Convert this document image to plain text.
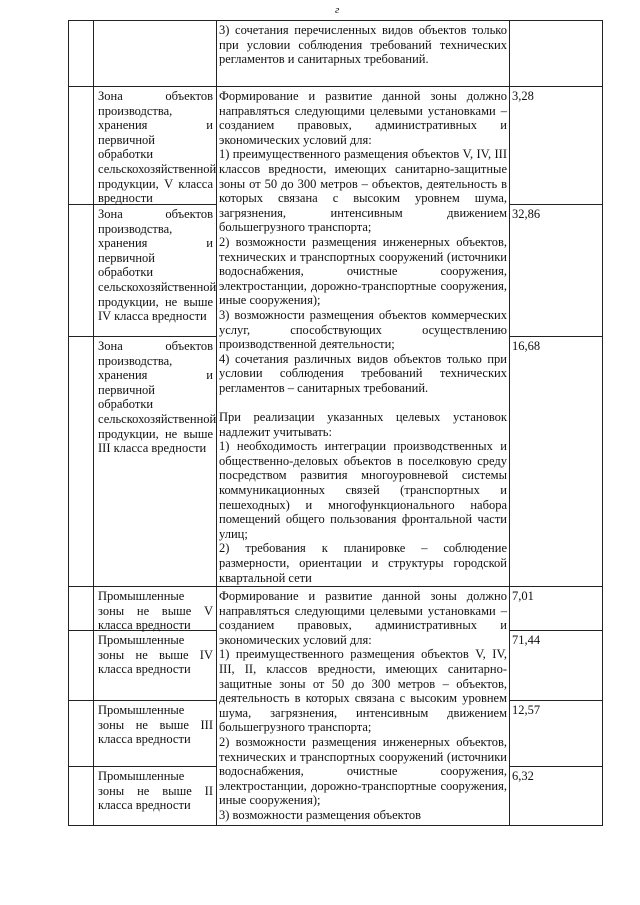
г
Зона объектов производства, хранения и первичной обработки сельскохозяйственной продукции, V класса вредности
Зона объектов производства, хранения и первичной обработки сельскохозяйственной продукции, не выше IV класса вредности
Зона объектов производства, хранения и первичной обработки сельскохозяйственной продукции, не выше III класса вредности
Промышленные зоны не выше V класса вредности
Промышленные зоны не выше IV класса вредности
Промышленные зоны не выше III класса вредности
Промышленные зоны не выше II класса вредности
3,28
32,86
16,68
7,01
71,44
12,57
6,32

3) сочетания перечисленных видов объектов только при условии соблюдения требований технических регламентов и санитарных требований.

Формирование и развитие данной зоны должно направляться следующими целевыми установками – созданием правовых, административных и экономических условий для:

1) преимущественного размещения объектов V, IV, III классов вредности, имеющих санитарно-защитные зоны от 50 до 300 метров – объектов, деятельность в которых связана с высоким уровнем шума, загрязнения, интенсивным движением большегрузного транспорта;

2) возможности размещения инженерных объектов, технических и транспортных сооружений (источники водоснабжения, очистные сооружения, электростанции, дорожно-транспортные сооружения, иные сооружения);

3) возможности размещения объектов коммерческих услуг, способствующих осуществлению производственной деятельности;

4) сочетания различных видов объектов только при условии соблюдения требований технических регламентов – санитарных требований.

При реализации указанных целевых установок надлежит учитывать:

1) необходимость интеграции производственных и общественно-деловых объектов в поселковую среду посредством развития многоуровневой системы коммуникационных связей (транспортных и пешеходных) и многофункционального набора помещений общего пользования фронтальной части улиц;

2) требования к планировке – соблюдение размерности, ориентации и структуры городской квартальной сети

Формирование и развитие данной зоны должно направляться следующими целевыми установками – созданием правовых, административных и экономических условий для:

1) преимущественного размещения объектов V, IV, III, II, классов вредности, имеющих санитарно-защитные зоны от 50 до 300 метров – объектов, деятельность в которых связана с высоким уровнем шума, загрязнения, интенсивным движением большегрузного транспорта;

2) возможности размещения инженерных объектов, технических и транспортных сооружений (источники водоснабжения, очистные сооружения, электростанции, дорожно-транспортные сооружения, иные сооружения);

3) возможности размещения объектов
